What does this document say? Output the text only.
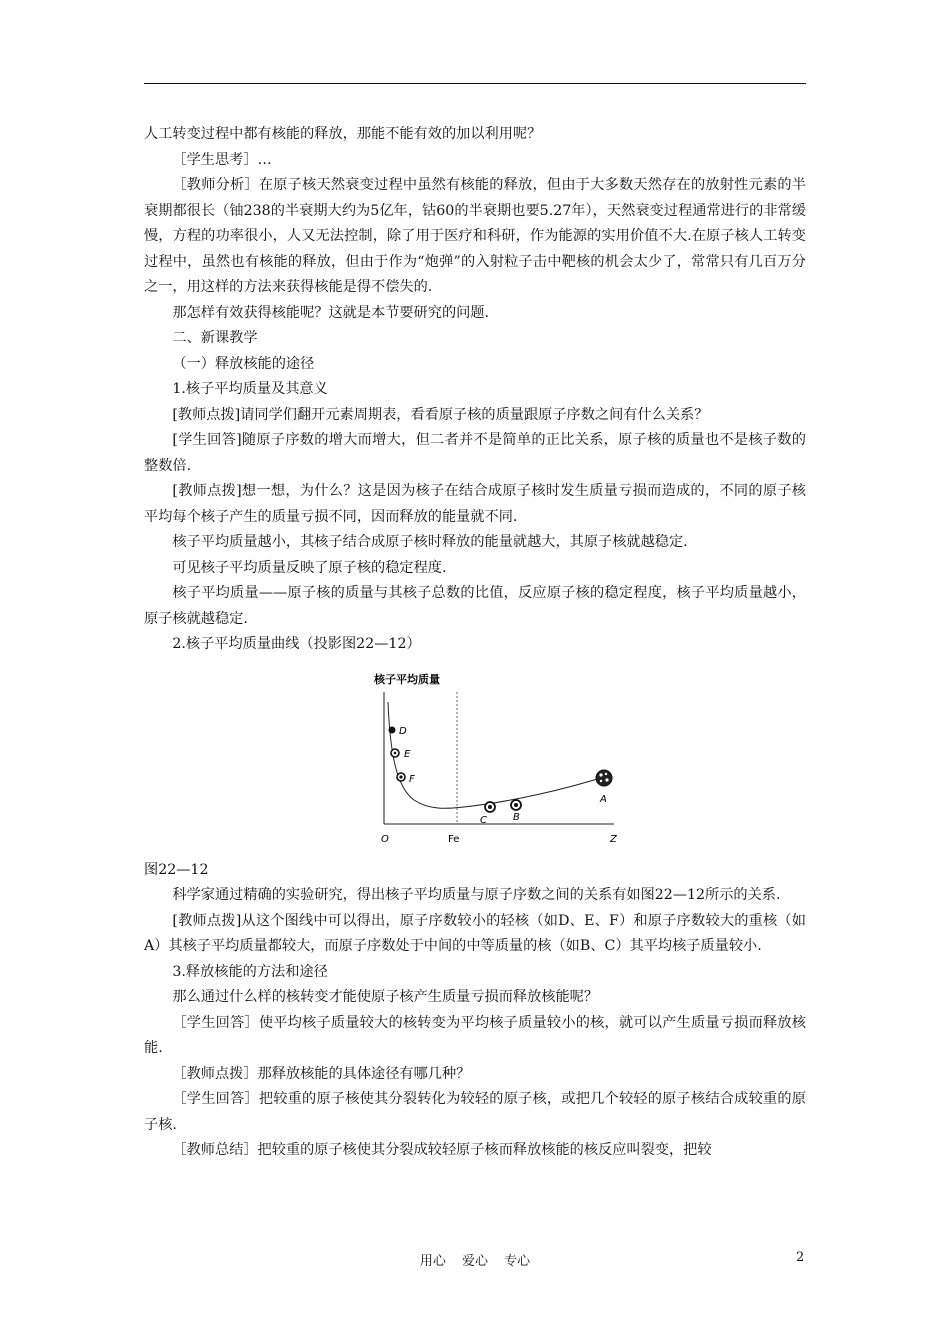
人工转变过程中都有核能的释放，那能不能有效的加以利用呢？

［学生思考］…

［教师分析］在原子核天然衰变过程中虽然有核能的释放，但由于大多数天然存在的放射性元素的半衰期都很长（铀238的半衰期大约为5亿年，钴60的半衰期也要5.27年），天然衰变过程通常进行的非常缓慢，方程的功率很小，人又无法控制，除了用于医疗和科研，作为能源的实用价值不大.在原子核人工转变过程中，虽然也有核能的释放，但由于作为“炮弹”的入射粒子击中靶核的机会太少了，常常只有几百万分之一，用这样的方法来获得核能是得不偿失的.

那怎样有效获得核能呢？这就是本节要研究的问题.

二、新课教学

（一）释放核能的途径

1.核子平均质量及其意义

[教师点拨]请同学们翻开元素周期表，看看原子核的质量跟原子序数之间有什么关系？

[学生回答]随原子序数的增大而增大，但二者并不是简单的正比关系，原子核的质量也不是核子数的整数倍.

[教师点拨]想一想，为什么？这是因为核子在结合成原子核时发生质量亏损而造成的，不同的原子核平均每个核子产生的质量亏损不同，因而释放的能量就不同.

核子平均质量越小，其核子结合成原子核时释放的能量就越大，其原子核就越稳定.

可见核子平均质量反映了原子核的稳定程度.

核子平均质量——原子核的质量与其核子总数的比值，反应原子核的稳定程度，核子平均质量越小，原子核就越稳定.

2.核子平均质量曲线（投影图22—12）

核子平均质量
D
E
F
C	B
A
O	Fe	Z

图22—12

科学家通过精确的实验研究，得出核子平均质量与原子序数之间的关系有如图22—12所示的关系.

[教师点拨]从这个图线中可以得出，原子序数较小的轻核（如D、E、F）和原子序数较大的重核（如A）其核子平均质量都较大，而原子序数处于中间的中等质量的核（如B、C）其平均核子质量较小.

3.释放核能的方法和途径

那么通过什么样的核转变才能使原子核产生质量亏损而释放核能呢？

［学生回答］使平均核子质量较大的核转变为平均核子质量较小的核，就可以产生质量亏损而释放核能.

［教师点拨］那释放核能的具体途径有哪几种？

［学生回答］把较重的原子核使其分裂转化为较轻的原子核，或把几个较轻的原子核结合成较重的原子核.

［教师总结］把较重的原子核使其分裂成较轻原子核而释放核能的核反应叫裂变，把较

用心 爱心 专心	2
